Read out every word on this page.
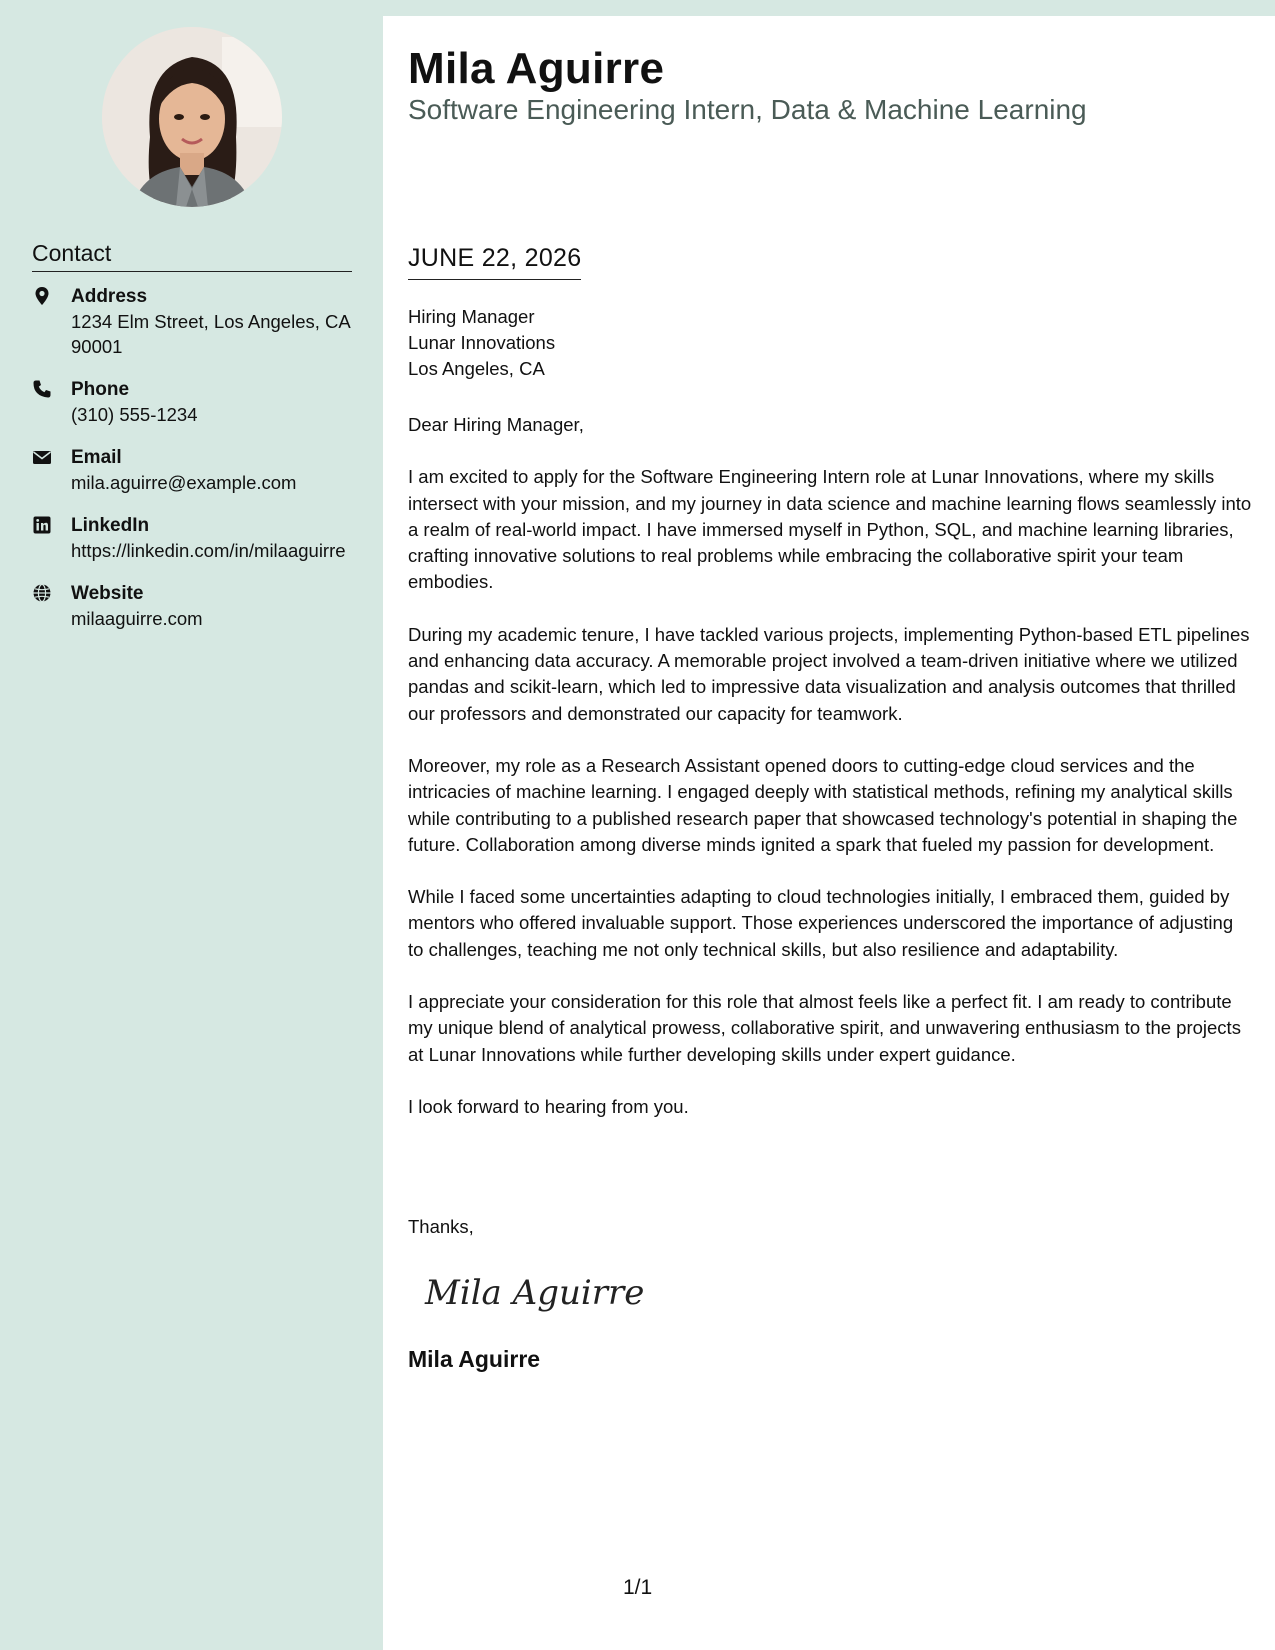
Contact
Address
1234 Elm Street, Los Angeles, CA 90001
Phone
(310) 555-1234
Email
mila.aguirre@example.com
LinkedIn
https://linkedin.com/in/milaaguirre
Website
milaaguirre.com
Mila Aguirre
Software Engineering Intern, Data & Machine Learning
JUNE 22, 2026
Hiring Manager
Lunar Innovations
Los Angeles, CA

Dear Hiring Manager,

I am excited to apply for the Software Engineering Intern role at Lunar Innovations, where my skills intersect with your mission, and my journey in data science and machine learning flows seamlessly into a realm of real-world impact. I have immersed myself in Python, SQL, and machine learning libraries, crafting innovative solutions to real problems while embracing the collaborative spirit your team embodies.

During my academic tenure, I have tackled various projects, implementing Python-based ETL pipelines and enhancing data accuracy. A memorable project involved a team-driven initiative where we utilized pandas and scikit-learn, which led to impressive data visualization and analysis outcomes that thrilled our professors and demonstrated our capacity for teamwork.

Moreover, my role as a Research Assistant opened doors to cutting-edge cloud services and the intricacies of machine learning. I engaged deeply with statistical methods, refining my analytical skills while contributing to a published research paper that showcased technology's potential in shaping the future. Collaboration among diverse minds ignited a spark that fueled my passion for development.

While I faced some uncertainties adapting to cloud technologies initially, I embraced them, guided by mentors who offered invaluable support. Those experiences underscored the importance of adjusting to challenges, teaching me not only technical skills, but also resilience and adaptability.

I appreciate your consideration for this role that almost feels like a perfect fit. I am ready to contribute my unique blend of analytical prowess, collaborative spirit, and unwavering enthusiasm to the projects at Lunar Innovations while further developing skills under expert guidance.

I look forward to hearing from you.

Thanks,
Mila Aguirre
Mila Aguirre
1/1
